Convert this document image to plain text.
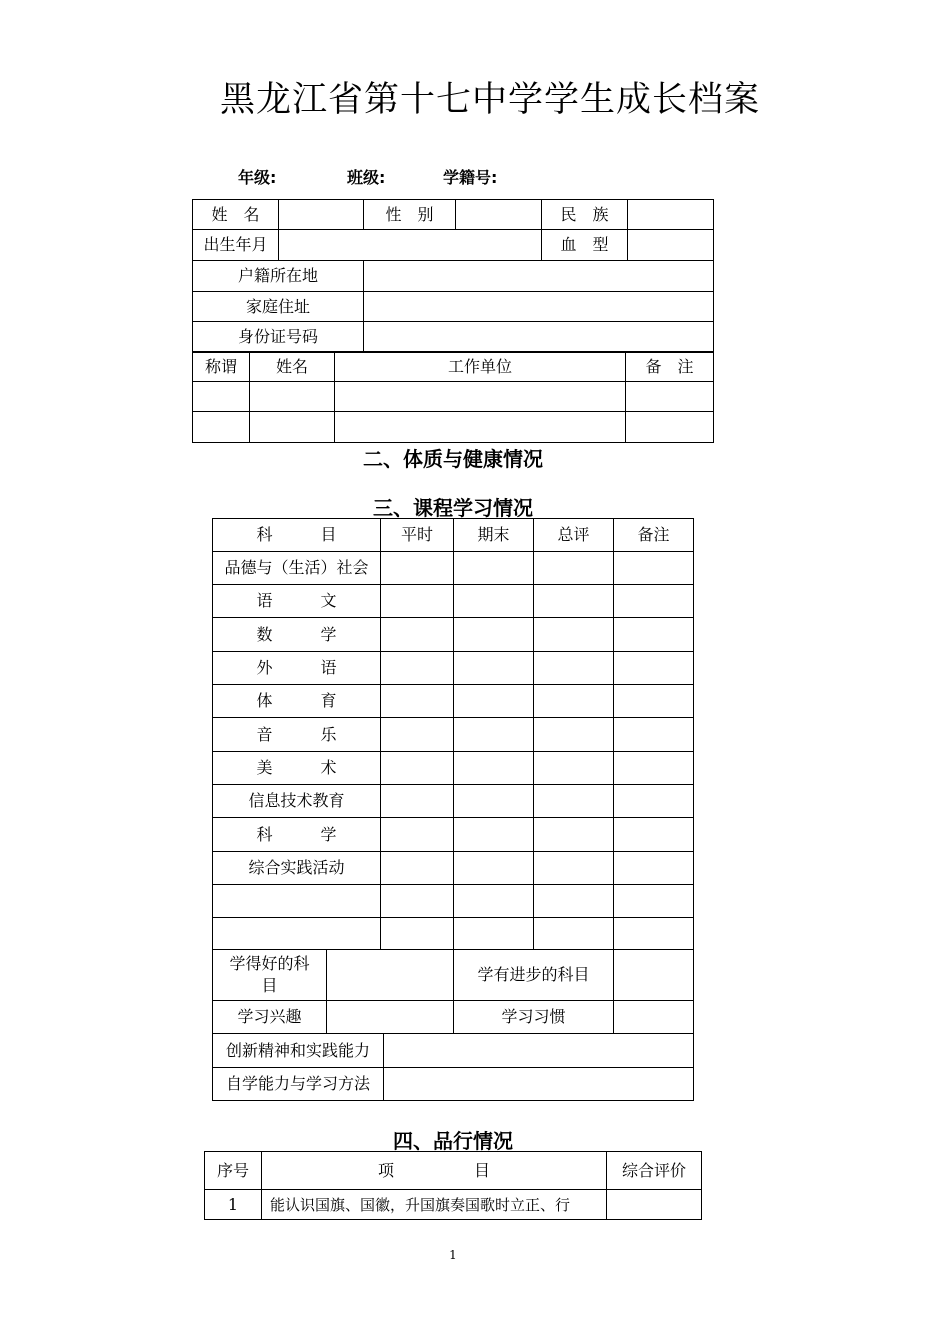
黑龙江省第十七中学学生成长档案
年级:	班级:	学籍号:
姓　名		性　别		民　族	
出生年月				血　型	
户籍所在地					
家庭住址					
身份证号码					
称谓	姓名	工作单位	备　注

二、体质与健康情况
三、课程学习情况
科　　　目		平时	期末	总评	备注
品德与（生活）社会					
语　　　文					
数　　　学					
外　　　语					
体　　　育					
音　　　乐					
美　　　术					
信息技术教育					
科　　　学					
综合实践活动					

学得好的科目			学有进步的科目		
学习兴趣			学习习惯		
创新精神和实践能力	
自学能力与学习方法	
四、品行情况
序号	项　　　　　目	综合评价
1	能认识国旗、国徽，升国旗奏国歌时立正、行	
1
